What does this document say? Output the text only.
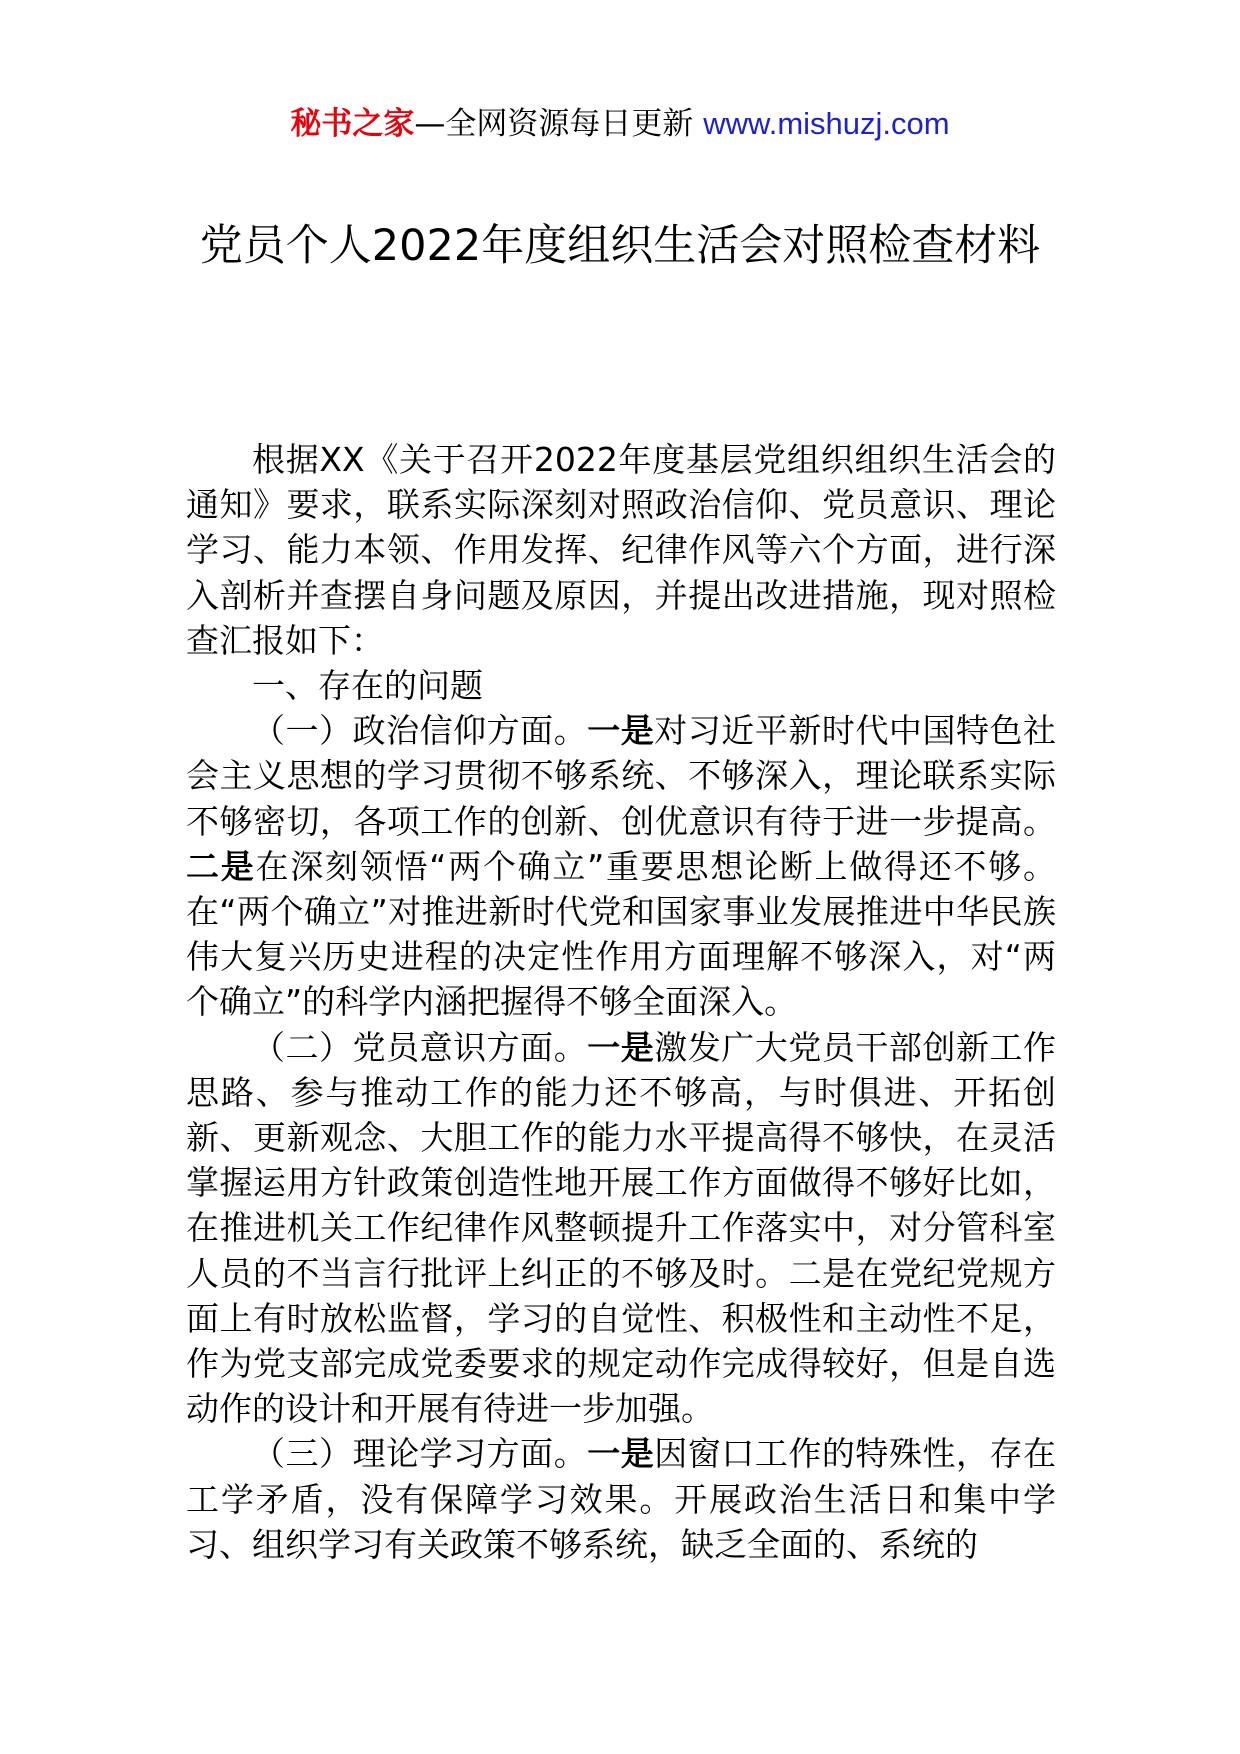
秘书之家—全网资源每日更新 www.mishuzj.com
党员个人2022年度组织生活会对照检查材料

根据XX《关于召开2022年度基层党组织组织生活会的通知》要求，联系实际深刻对照政治信仰、党员意识、理论学习、能力本领、作用发挥、纪律作风等六个方面，进行深入剖析并查摆自身问题及原因，并提出改进措施，现对照检查汇报如下：

一、存在的问题

（一）政治信仰方面。一是对习近平新时代中国特色社会主义思想的学习贯彻不够系统、不够深入，理论联系实际不够密切，各项工作的创新、创优意识有待于进一步提高。二是在深刻领悟“两个确立”重要思想论断上做得还不够。在“两个确立”对推进新时代党和国家事业发展推进中华民族伟大复兴历史进程的决定性作用方面理解不够深入，对“两个确立”的科学内涵把握得不够全面深入。

（二）党员意识方面。一是激发广大党员干部创新工作思路、参与推动工作的能力还不够高，与时俱进、开拓创新、更新观念、大胆工作的能力水平提高得不够快，在灵活掌握运用方针政策创造性地开展工作方面做得不够好比如，在推进机关工作纪律作风整顿提升工作落实中，对分管科室人员的不当言行批评上纠正的不够及时。二是在党纪党规方面上有时放松监督，学习的自觉性、积极性和主动性不足，作为党支部完成党委要求的规定动作完成得较好，但是自选动作的设计和开展有待进一步加强。

（三）理论学习方面。一是因窗口工作的特殊性，存在工学矛盾，没有保障学习效果。开展政治生活日和集中学习、组织学习有关政策不够系统，缺乏全面的、系统的
